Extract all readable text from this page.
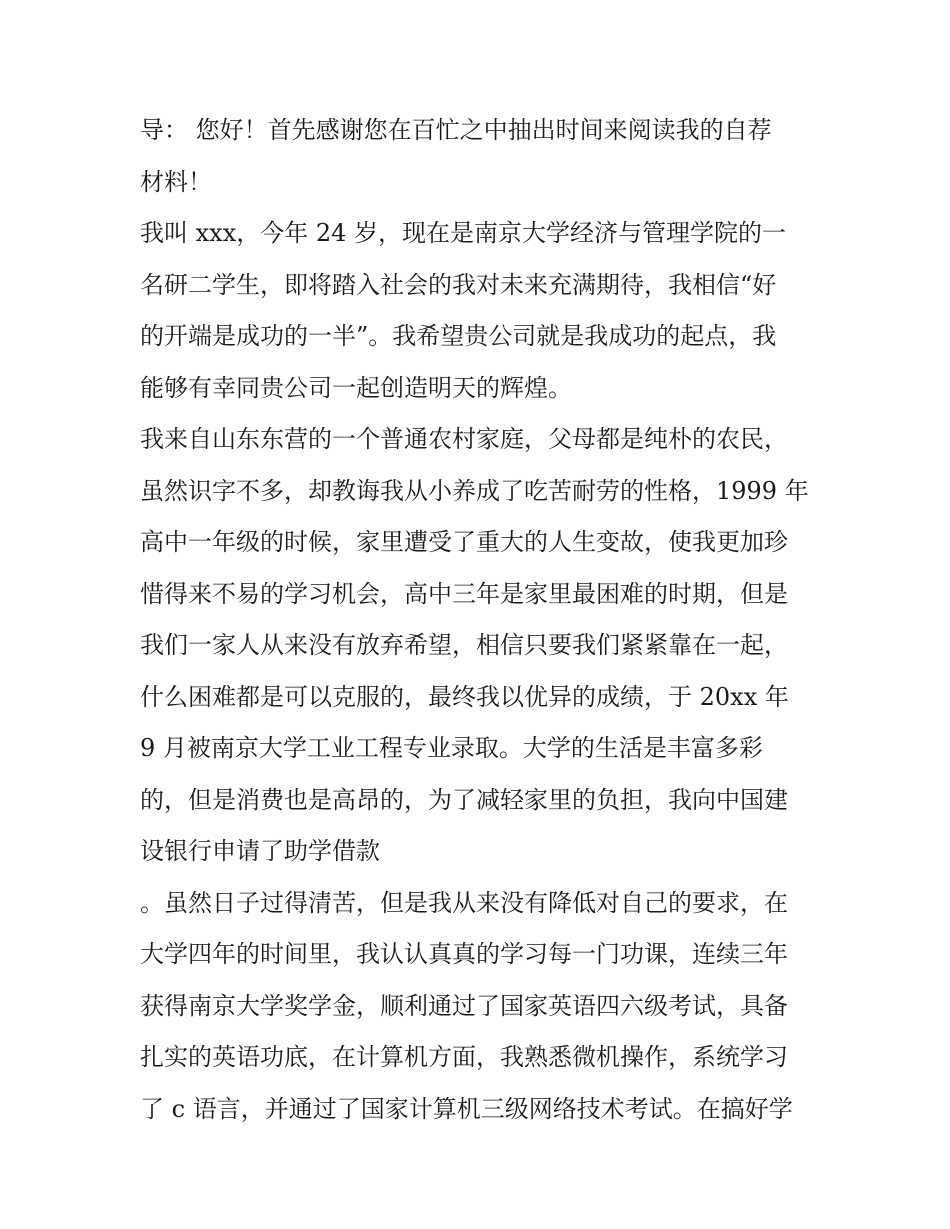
导： 您好！首先感谢您在百忙之中抽出时间来阅读我的自荐
材料！
我叫 xxx，今年 24 岁，现在是南京大学经济与管理学院的一
名研二学生，即将踏入社会的我对未来充满期待，我相信“好
的开端是成功的一半”。我希望贵公司就是我成功的起点，我
能够有幸同贵公司一起创造明天的辉煌。
我来自山东东营的一个普通农村家庭，父母都是纯朴的农民，
虽然识字不多，却教诲我从小养成了吃苦耐劳的性格，1999 年
高中一年级的时候，家里遭受了重大的人生变故，使我更加珍
惜得来不易的学习机会，高中三年是家里最困难的时期，但是
我们一家人从来没有放弃希望，相信只要我们紧紧靠在一起，
什么困难都是可以克服的，最终我以优异的成绩，于 20xx 年
9 月被南京大学工业工程专业录取。大学的生活是丰富多彩
的，但是消费也是高昂的，为了减轻家里的负担，我向中国建
设银行申请了助学借款
。虽然日子过得清苦，但是我从来没有降低对自己的要求，在
大学四年的时间里，我认认真真的学习每一门功课，连续三年
获得南京大学奖学金，顺利通过了国家英语四六级考试，具备
扎实的英语功底，在计算机方面，我熟悉微机操作，系统学习
了 c 语言，并通过了国家计算机三级网络技术考试。在搞好学
